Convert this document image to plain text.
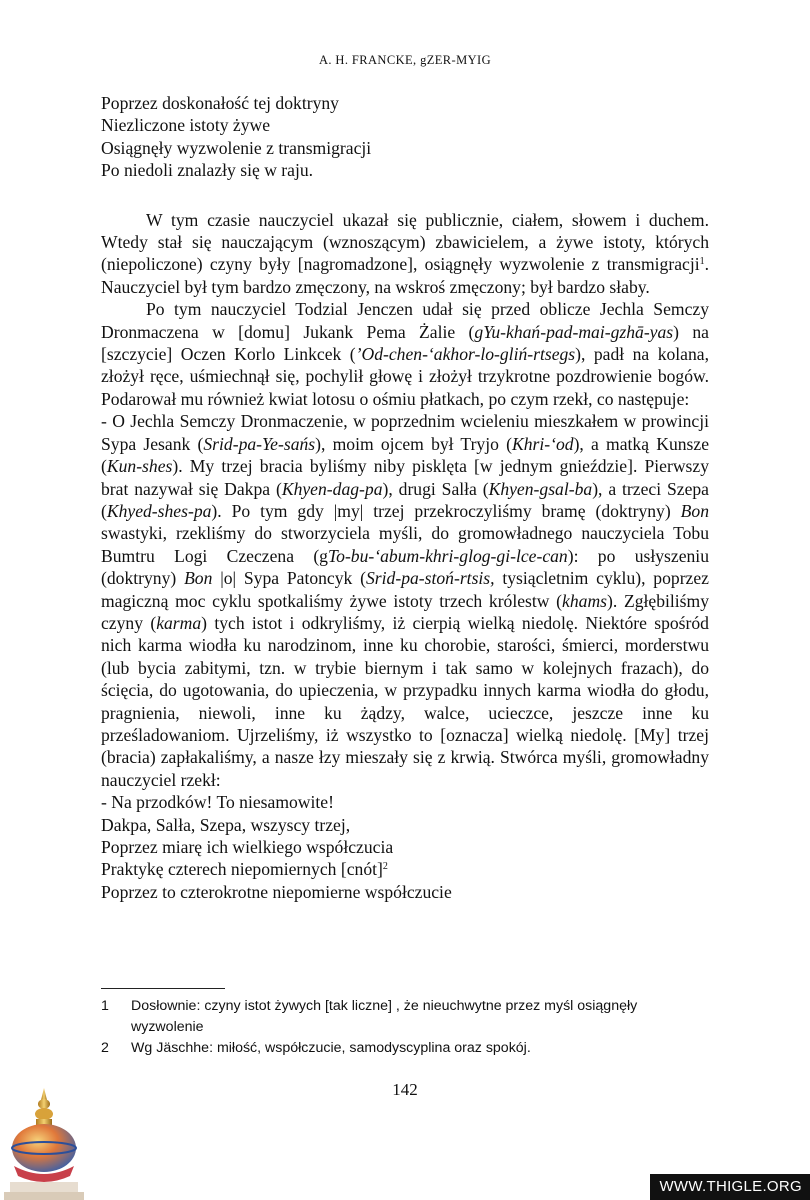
A. H. FRANCKE, gZER-MYIG

Poprzez doskonałość tej doktryny

Niezliczone istoty żywe

Osiągnęły wyzwolenie z transmigracji

Po niedoli znalazły się w raju.

W tym czasie nauczyciel ukazał się publicznie, ciałem, słowem i duchem. Wtedy stał się nauczającym (wznoszącym) zbawicielem, a żywe istoty, których (niepoliczone) czyny były [nagromadzone], osiągnęły wyzwolenie z transmigracji$^1$. Nauczyciel był tym bardzo zmęczony, na wskroś zmęczony; był bardzo słaby.

Po tym nauczyciel Todzial Jenczen udał się przed oblicze Jechla Semczy Dronmaczena w [domu] Jukank Pema Żalie (gYu-khań-pad-mai-gzhā-yas) na [szczycie] Oczen Korlo Linkcek (’Od-chen-‘akhor-lo-gliń-rtsegs), padł na kolana, złożył ręce, uśmiechnął się, pochylił głowę i złożył trzykrotne pozdrowienie bogów. Podarował mu również kwiat lotosu o ośmiu płatkach, po czym rzekł, co następuje:

- O Jechla Semczy Dronmaczenie, w poprzednim wcieleniu mieszkałem w prowincji Sypa Jesank (Srid-pa-Ye-sańs), moim ojcem był Tryjo (Khri-‘od), a matką Kunsze (Kun-shes). My trzej bracia byliśmy niby pisklęta [w jednym gnieździe]. Pierwszy brat nazywał się Dakpa (Khyen-dag-pa), drugi Salła (Khyen-gsal-ba), a trzeci Szepa (Khyed-shes-pa). Po tym gdy |my| trzej przekroczyliśmy bramę (doktryny) Bon swastyki, rzekliśmy do stworzyciela myśli, do gromowładnego nauczyciela Tobu Bumtru Logi Czeczena (gTo-bu-‘abum-khri-glog-gi-lce-can): po usłyszeniu (doktryny) Bon |o| Sypa Patoncyk (Srid-pa-stoń-rtsis, tysiącletnim cyklu), poprzez magiczną moc cyklu spotkaliśmy żywe istoty trzech królestw (khams). Zgłębiliśmy czyny (karma) tych istot i odkryliśmy, iż cierpią wielką niedolę. Niektóre spośród nich karma wiodła ku narodzinom, inne ku chorobie, starości, śmierci, morderstwu (lub bycia zabitymi, tzn. w trybie biernym i tak samo w kolejnych frazach), do ścięcia, do ugotowania, do upieczenia, w przypadku innych karma wiodła do głodu, pragnienia, niewoli, inne ku żądzy, walce, ucieczce, jeszcze inne ku prześladowaniom. Ujrzeliśmy, iż wszystko to [oznacza] wielką niedolę. [My] trzej (bracia) zapłakaliśmy, a nasze łzy mieszały się z krwią. Stwórca myśli, gromowładny nauczyciel rzekł:

- Na przodków! To niesamowite!

Dakpa, Salła, Szepa, wszyscy trzej,

Poprzez miarę ich wielkiego współczucia

Praktykę czterech niepomiernych [cnót]$^2$

Poprzez to czterokrotne niepomierne współczucie

1	Dosłownie: czyny istot żywych [tak liczne] , że nieuchwytne przez myśl osiągnęły wyzwolenie
2	Wg Jäschhe: miłość, współczucie, samodyscyplina oraz spokój.
142
WWW.THIGLE.ORG
